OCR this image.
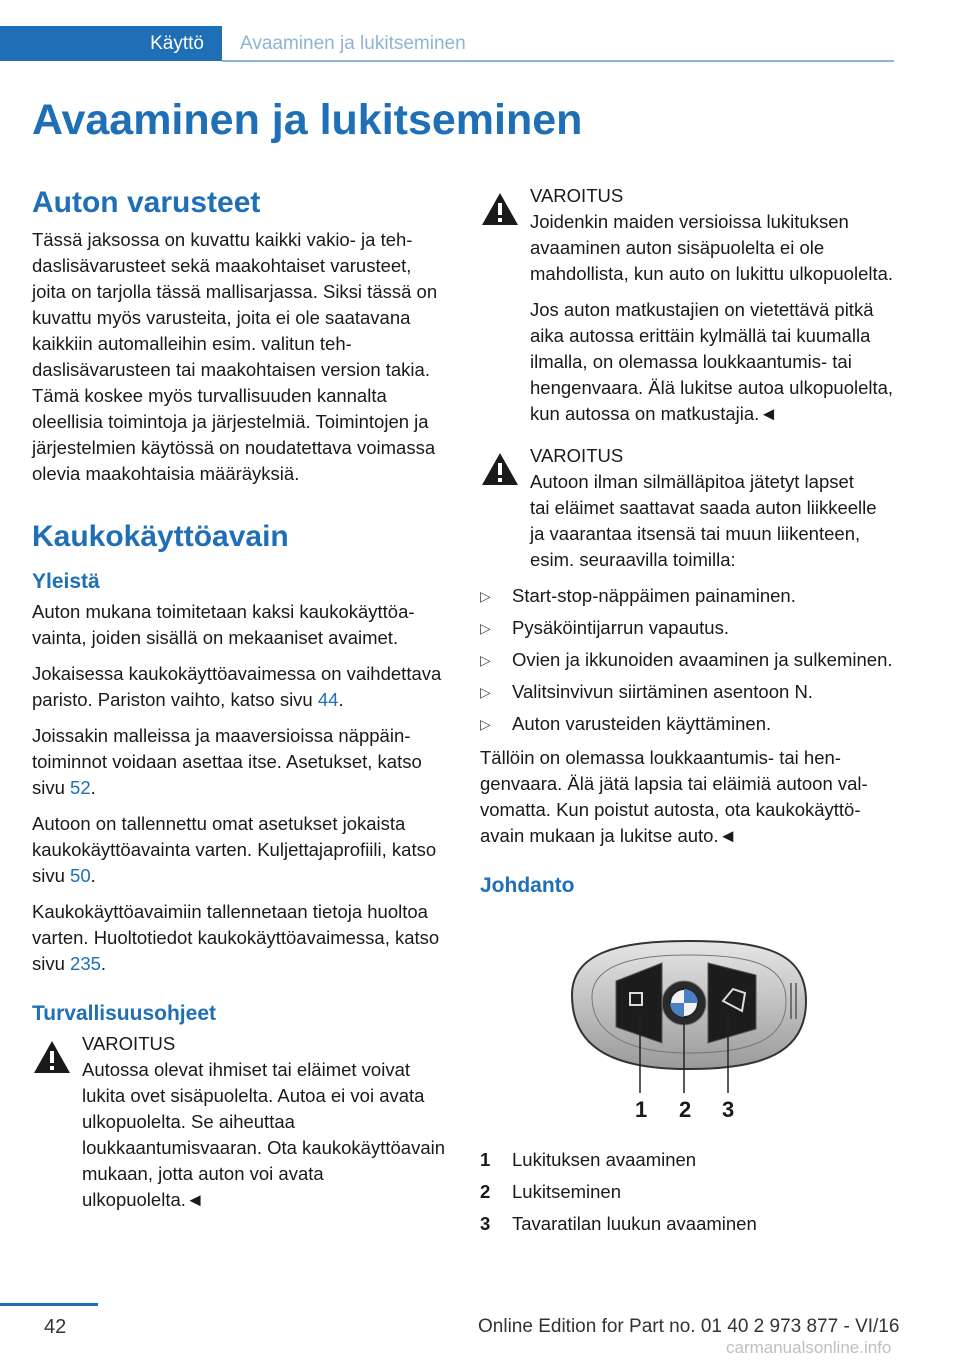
Käyttö Avaaminen ja lukitseminen
Avaaminen ja lukitseminen
Auton varusteet

Tässä jaksossa on kuvattu kaikki vakio- ja tehdaslisävarusteet sekä maakohtaiset varusteet, joita on tarjolla tässä mallisarjassa. Siksi tässä on kuvattu myös varusteita, joita ei ole saatavana kaikkiin automalleihin esim. valitun tehdaslisävarusteen tai maakohtaisen version takia. Tämä koskee myös turvallisuuden kannalta oleellisia toimintoja ja järjestelmiä. Toimintojen ja järjestelmien käytössä on noudatettava voimassa olevia maakohtaisia määräyksiä.

Kaukokäyttöavain
Yleistä

Auton mukana toimitetaan kaksi kaukokäyttöavainta, joiden sisällä on mekaaniset avaimet.

Jokaisessa kaukokäyttöavaimessa on vaihdettava paristo. Pariston vaihto, katso sivu 44.

Joissakin malleissa ja maaversioissa näppäintoiminnot voidaan asettaa itse. Asetukset, katso sivu 52.

Autoon on tallennettu omat asetukset jokaista kaukokäyttöavainta varten. Kuljettajaprofiili, katso sivu 50.

Kaukokäyttöavaimiin tallennetaan tietoja huoltoa varten. Huoltotiedot kaukokäyttöavaimessa, katso sivu 235.

Turvallisuusohjeet
VAROITUS
Autossa olevat ihmiset tai eläimet voivat

lukita ovet sisäpuolelta. Autoa ei voi avata ulkopuolelta. Se aiheuttaa loukkaantumisvaaran. Ota kaukokäyttöavain mukaan, jotta auton voi avata ulkopuolelta.◄

VAROITUS
Joidenkin maiden versioissa lukituksen

avaaminen auton sisäpuolelta ei ole mahdollista, kun auto on lukittu ulkopuolelta.

Jos auton matkustajien on vietettävä pitkä aika autossa erittäin kylmällä tai kuumalla ilmalla, on olemassa loukkaantumis- tai hengenvaara. Älä lukitse autoa ulkopuolelta, kun autossa on matkustajia.◄

VAROITUS
Autoon ilman silmälläpitoa jätetyt lapset

tai eläimet saattavat saada auton liikkeelle ja vaarantaa itsensä tai muun liikenteen, esim. seuraavilla toimilla:

▷ Start-stop-näppäimen painaminen.
▷ Pysäköintijarrun vapautus.
▷ Ovien ja ikkunoiden avaaminen ja sulkeminen.
▷ Valitsinvivun siirtäminen asentoon N.
▷ Auton varusteiden käyttäminen.

Tällöin on olemassa loukkaantumis- tai hengenvaara. Älä jätä lapsia tai eläimiä autoon valvomatta. Kun poistut autosta, ota kaukokäyttöavain mukaan ja lukitse auto.◄

Johdanto
1 2 3
1	Lukituksen avaaminen
2	Lukitseminen
3	Tavaratilan luukun avaaminen
42	Online Edition for Part no. 01 40 2 973 877 - VI/16
carmanualsonline.info
